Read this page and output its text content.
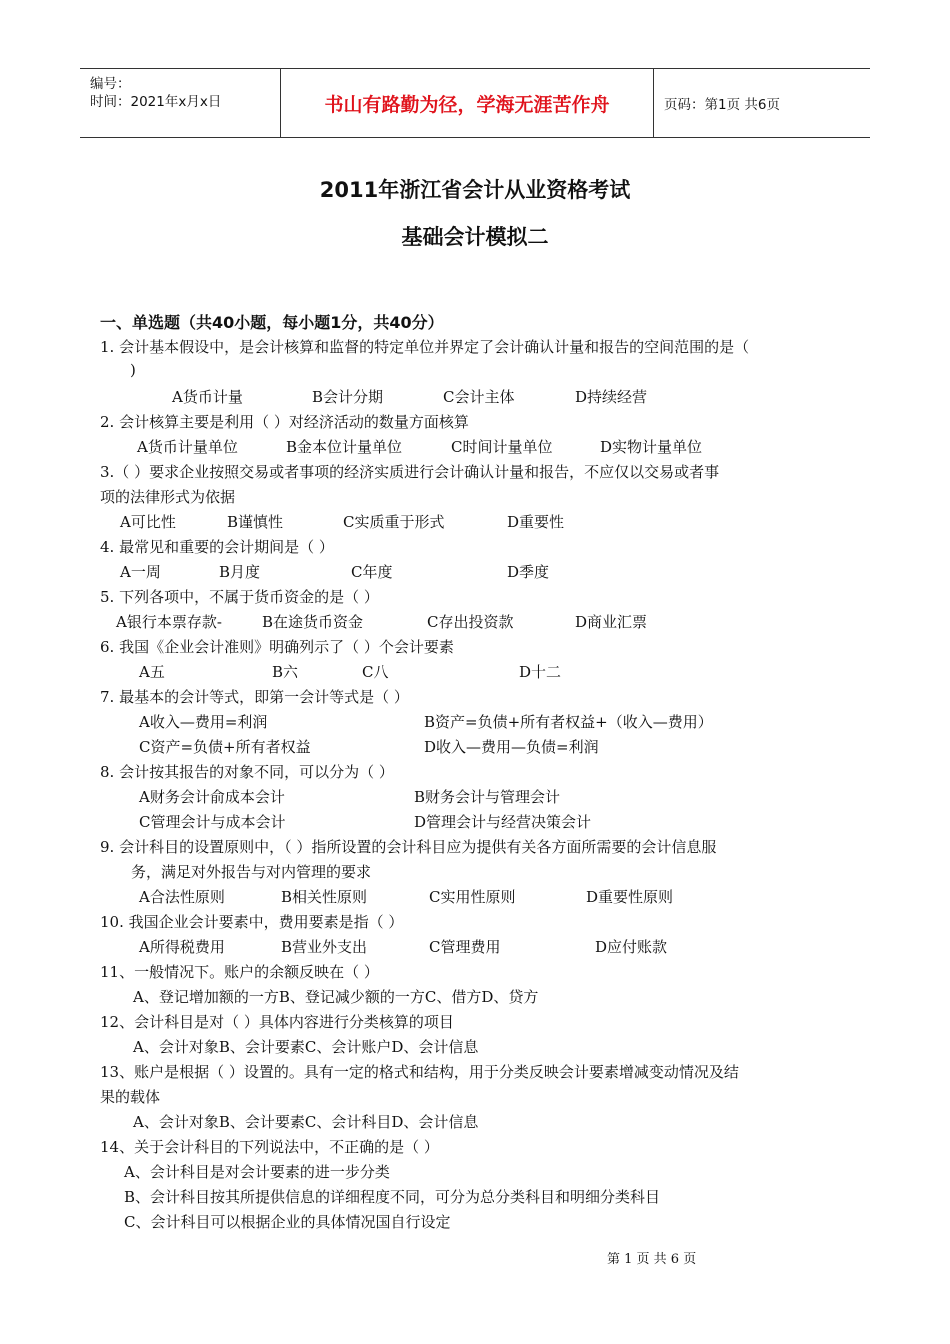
编号：
时间：2021年x月x日	书山有路勤为径，学海无涯苦作舟	页码：第1页 共6页
2011年浙江省会计从业资格考试
基础会计模拟二
一、单选题（共40小题，每小题1分，共40分）
1. 会计基本假设中，是会计核算和监督的特定单位并界定了会计确认计量和报告的空间范围的是（
)
A货币计量	B会计分期	C会计主体	D持续经营
2. 会计核算主要是利用（ ）对经济活动的数量方面核算
A货币计量单位	B金本位计量单位	C时间计量单位	D实物计量单位
3.（ ）要求企业按照交易或者事项的经济实质进行会计确认计量和报告，不应仅以交易或者事
项的法律形式为依据
A可比性	B谨慎性	C实质重于形式	D重要性
4. 最常见和重要的会计期间是（ ）
A一周	B月度	C年度	D季度
5. 下列各项中，不属于货币资金的是（ ）
A银行本票存款-	B在途货币资金	C存出投资款	D商业汇票
6. 我国《企业会计准则》明确列示了（ ）个会计要素
A五	B六	C八	D十二
7. 最基本的会计等式，即第一会计等式是（ ）
A收入—费用=利润	B资产=负债+所有者权益+（收入—费用）
C资产=负债+所有者权益	D收入—费用—负债=利润
8. 会计按其报告的对象不同，可以分为（ ）
A财务会计俞成本会计	B财务会计与管理会计
C管理会计与成本会计	D管理会计与经营决策会计
9. 会计科目的设置原则中，（ ）指所设置的会计科目应为提供有关各方面所需要的会计信息服
务，满足对外报告与对内管理的要求
A合法性原则	B相关性原则	C实用性原则	D重要性原则
10. 我国企业会计要素中，费用要素是指（ ）
A所得税费用	B营业外支出	C管理费用	D应付账款
11、一般情况下。账户的余额反映在（ ）
A、登记增加额的一方B、登记减少额的一方C、借方D、贷方
12、会计科目是对（ ）具体内容进行分类核算的项目
A、会计对象B、会计要素C、会计账户D、会计信息
13、账户是根据（ ）设置的。具有一定的格式和结构，用于分类反映会计要素增减变动情况及结
果的载体
A、会计对象B、会计要素C、会计科目D、会计信息
14、关于会计科目的下列说法中，不正确的是（ ）
A、会计科目是对会计要素的进一步分类
B、会计科目按其所提供信息的详细程度不同，可分为总分类科目和明细分类科目
C、会计科目可以根据企业的具体情况国自行设定
第 1 页 共 6 页
